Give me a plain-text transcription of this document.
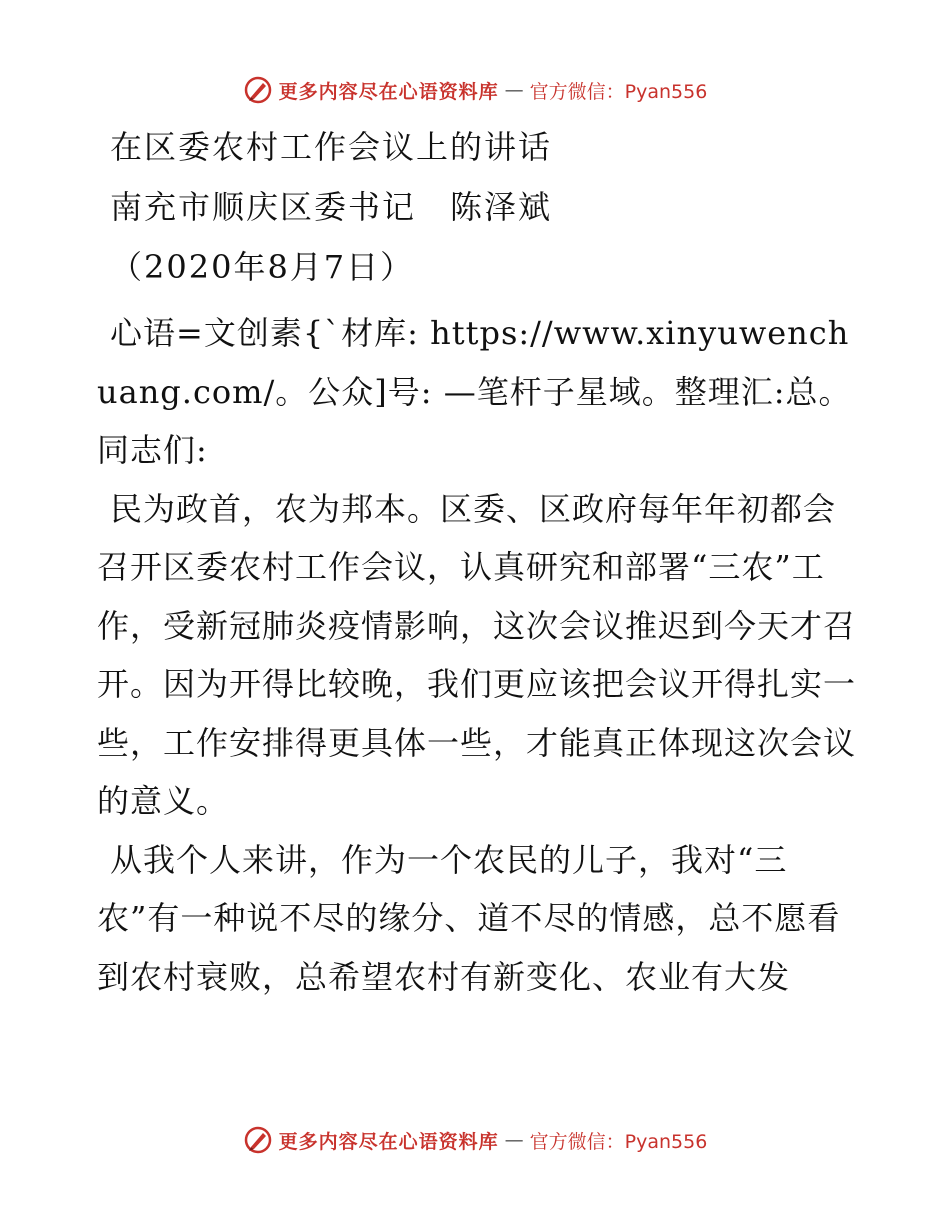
更多内容尽在心语资料库 — 官方微信：Pyan556
在区委农村工作会议上的讲话
南充市顺庆区委书记　陈泽斌
（2020年8月7日）
心语=文创素{`材库: https://www.xinyuwenchuang.com/。公众]号: —笔杆子星域。整理汇:总。同志们:
民为政首，农为邦本。区委、区政府每年年初都会召开区委农村工作会议，认真研究和部署“三农”工作，受新冠肺炎疫情影响，这次会议推迟到今天才召开。因为开得比较晚，我们更应该把会议开得扎实一些，工作安排得更具体一些，才能真正体现这次会议的意义。
从我个人来讲，作为一个农民的儿子，我对“三农”有一种说不尽的缘分、道不尽的情感，总不愿看到农村衰败，总希望农村有新变化、农业有大发
更多内容尽在心语资料库 — 官方微信：Pyan556
